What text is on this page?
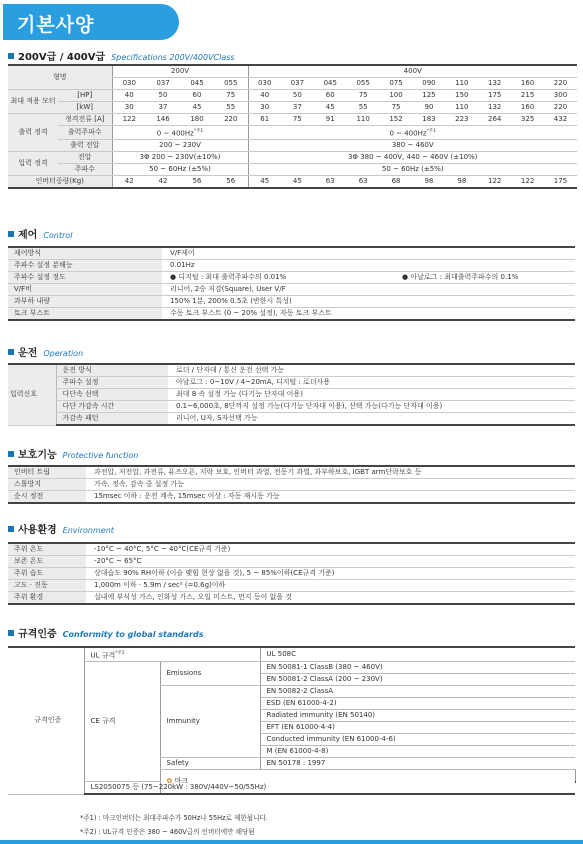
기본사양
200V급 / 400V급 Specifications 200V/400VClass
형명		200V				400V									
		030	037	045	055	030	037	045	055	075	090	110	132	160	220
최대 적용 모터	[HP]	40	50	60	75	40	50	60	75	100	125	150	175	215	300
	[kW]	30	37	45	55	30	37	45	55	75	90	110	132	160	220
출력 정격	정격전류 [A]	122	146	180	220	61	75	91	110	152	183	223	264	325	432
	출력주파수	0 ~ $400Hz^{*주1}$				0 ~ $400Hz^{*주1}$
	출력 전압	200 ~ 230V				380 ~ 460V									
입력 정격	전압	3Φ 200 ~ 230V(±10%)				3Φ 380 ~ 400V, 440 ~ 460V (±10%)									
	주파수	50 ~ 60Hz (±5%)				50 ~ 60Hz (±5%)									
인버터중량(Kg)		42	42	56	56	45	45	63	63	68	98	98	122	122	175
제어 Control
제어방식	V/F제어	
주파수 설정 분해능	0.01Hz	
주파수 설정 정도	● 디지털 : 최대 출력주파수의 0.01%	● 아날로그 : 최대출력주파수의 0.1%
V/F비	리니어, 2승 저감(Square), User V/F	
과부하 내량	150% 1분, 200% 0.5초 (반한시 특성)	
토크 부스트	수동 토크 부스트 (0 ~ 20% 설정), 자동 토크 부스트	
운전 Operation
입력신호	운전 방식	로더 / 단자대 / 통신 운전 선택 가능
	주파수 설정	아날로그 : 0~10V / 4~20mA, 디지털 : 로더사용
	다단속 선택	최대 8 속 설정 가능 (다기능 단자대 이용)
	다단 가감속 시간	0.1~6,000초, 8단까지 설정 가능(다기능 단자대 이용), 선택 가능(다기능 단자대 이용)
	가감속 패턴	리니어, U자, S자선택 가능
보호기능 Protective function
인버터 트립	과전압, 저전압, 과전류, 퓨즈오픈, 지락 보호, 인버터 과열, 전동기 과열, 과부하보호, IGBT arm단락보호 등
스톨방지	가속, 정속, 감속 중 설정 가능
순시 정전	15msec 이하 : 운전 계속, 15msec 이상 : 자동 재시동 가능
사용환경 Environment
주위 온도	-10°C ~ 40°C, 5°C ~ 40°C(CE규격 기준)
보존 온도	-20°C ~ 65°C
주위 습도	상대습도 90% RH이하 (이슬 맺힘 현상 없을 것), 5 ~ 85%이하(CE규격 기준)
고도 · 진동	1,000m 이하 · 5.9m / sec² (=0.6g)이하
주위 환경	실내에 부식성 가스, 인화성 가스, 오일 미스트, 먼지 등이 없을 것
규격인증 Conformity to global standards
규격인증	UL 규격$^{*주2}$		UL 508C	
	CE 규격	Emissions	EN 50081-1 ClassB (380 ~ 460V)	
			EN 50081-2 ClassA (200 ~ 230V)	
		Immunity	EN 50082-2 ClassA	
			ESD (EN 61000-4-2)	
			Radiated immunity (EN 50140)	
			EFT (EN 61000-4-4)	
			Conducted immunity (EN 61000-4-6)	
			M (EN 61000-4-8)	
		Safety	EN 50178 : 1997	
		✿ 마크	
	LS2050075 등 (75~220kW : 380V/440V~50/55Hz)			
*주1) : 마크인버터는 최대주파수가 50Hz나 55Hz로 제한됩니다.
*주2) : UL규격 인증은 380 ~ 460V급의 인버터에만 해당됨
